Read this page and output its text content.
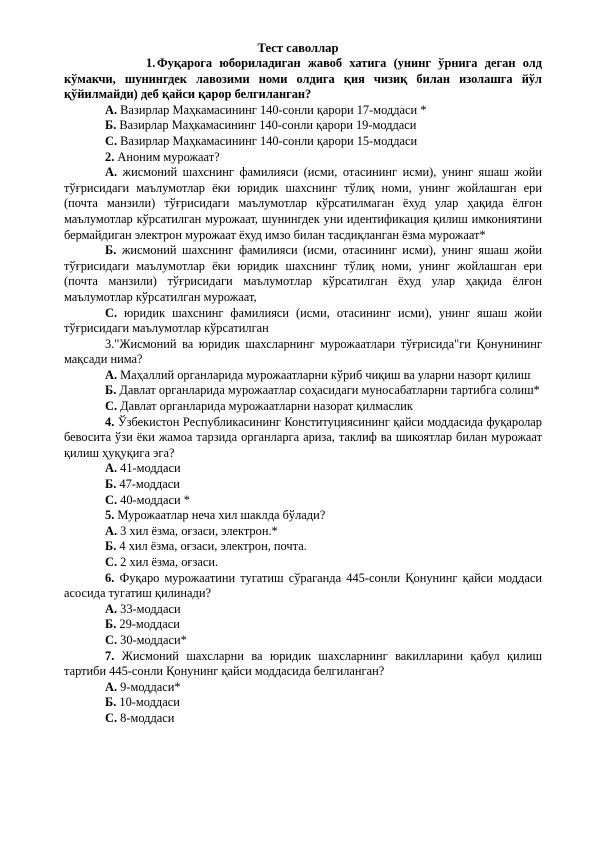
Тест саволлар

1. Фуқарога юбориладиган жавоб хатига (унинг ўрнига деган олд кўмакчи, шунингдек лавозими номи олдига қия чизиқ билан изолашга йўл қўйилмайди) деб қайси қарор белгиланган?

A. Вазирлар Маҳкамасининг 140-сонли қарори 17-моддаси *

Б. Вазирлар Маҳкамасининг 140-сонли қарори 19-моддаси

С. Вазирлар Маҳкамасининг 140-сонли қарори 15-моддаси

2. Аноним мурожаат?

А. жисмоний шахснинг фамилияси (исми, отасининг исми), унинг яшаш жойи тўғрисидаги маълумотлар ёки юридик шахснинг тўлиқ номи, унинг жойлашган ери (почта манзили) тўғрисидаги маълумотлар кўрсатилмаган ёхуд улар ҳақида ёлғон маълумотлар кўрсатилган мурожаат, шунингдек уни идентификация қилиш имкониятини бермайдиган электрон мурожаат ёхуд имзо билан тасдиқланган ёзма мурожаат*

Б. жисмоний шахснинг фамилияси (исми, отасининг исми), унинг яшаш жойи тўғрисидаги маълумотлар ёки юридик шахснинг тўлиқ номи, унинг жойлашган ери (почта манзили) тўғрисидаги маълумотлар кўрсатилган ёхуд улар ҳақида ёлғон маълумотлар кўрсатилган мурожаат,

С. юридик шахснинг фамилияси (исми, отасининг исми), унинг яшаш жойи тўғрисидаги маълумотлар кўрсатилган

3."Жисмоний ва юридик шахсларнинг мурожаатлари тўғрисида"ги Қонунининг мақсади нима?

А. Маҳаллий органларида мурожаатларни кўриб чиқиш ва уларни назорт қилиш

Б. Давлат органларида мурожаатлар соҳасидаги муносабатларни тартибга солиш*

С. Давлат органларида мурожаатларни назорат қилмаслик

4. Ўзбекистон Республикасининг Конституциясининг қайси моддасида фуқаролар бевосита ўзи ёки жамоа тарзида органларга ариза, таклиф ва шикоятлар билан мурожаат қилиш ҳуқуқига эга?

А. 41-моддаси

Б. 47-моддаси

С. 40-моддаси *

5. Мурожаатлар неча хил шаклда бўлади?

А. 3 хил ёзма, оғзаси, электрон.*

Б. 4 хил ёзма, оғзаси, электрон, почта.

С. 2 хил ёзма, оғзаси.

6. Фуқаро мурожаатини тугатиш сўраганда 445-сонли Қонунинг қайси моддаси асосида тугатиш қилинади?

А. 33-моддаси

Б. 29-моддаси

С. 30-моддаси*

7. Жисмоний шахсларни ва юридик шахсларнинг вакилларини қабул қилиш тартиби 445-сонли Қонунинг қайси моддасида белгиланган?

А. 9-моддаси*

Б. 10-моддаси

С. 8-моддаси
